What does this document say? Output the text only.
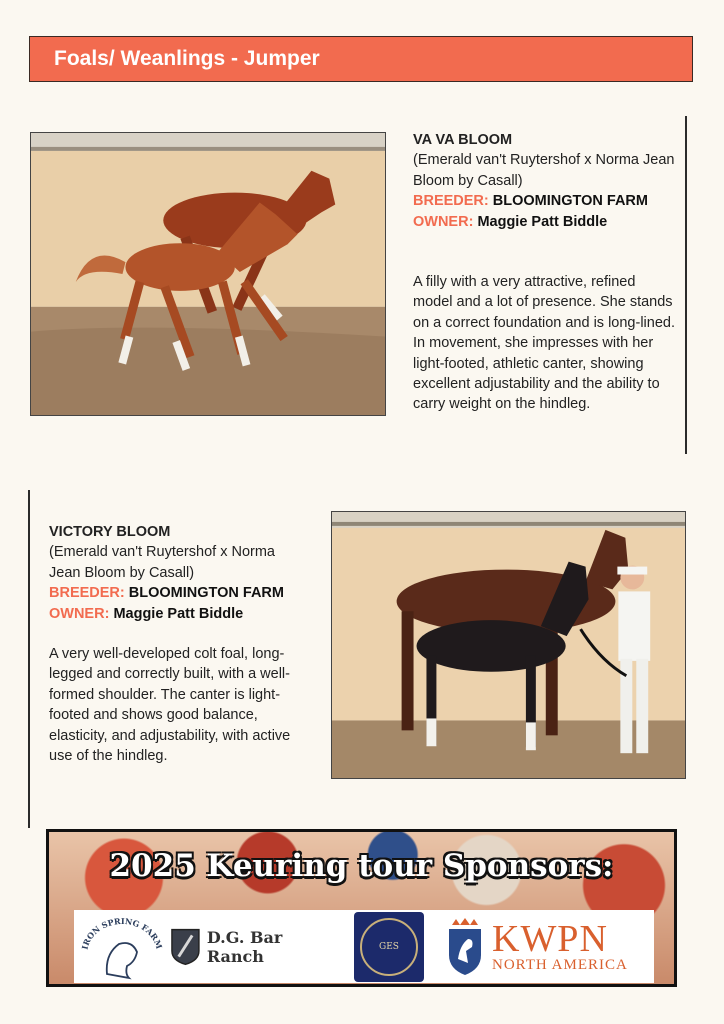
Foals/ Weanlings - Jumper
VA VA BLOOM
(Emerald van't Ruytershof x Norma Jean Bloom by Casall)
BREEDER: BLOOMINGTON FARM
OWNER: Maggie Patt Biddle
A filly with a very attractive, refined model and a lot of presence. She stands on a correct foundation and is long-lined. In movement, she impresses with her light-footed, athletic canter, showing excellent adjustability and the ability to carry weight on the hindleg.
VICTORY BLOOM
(Emerald van't Ruytershof x Norma Jean Bloom by Casall)
BREEDER: BLOOMINGTON FARM
OWNER: Maggie Patt Biddle
A very well-developed colt foal, long-legged and correctly built, with a well-formed shoulder. The canter is light-footed and shows good balance, elasticity, and adjustability, with active use of the hindleg.
2025 Keuring tour Sponsors:
IRON SPRING FARM	D.G. Bar Ranch	GES KWPN
NORTH AMERICA
